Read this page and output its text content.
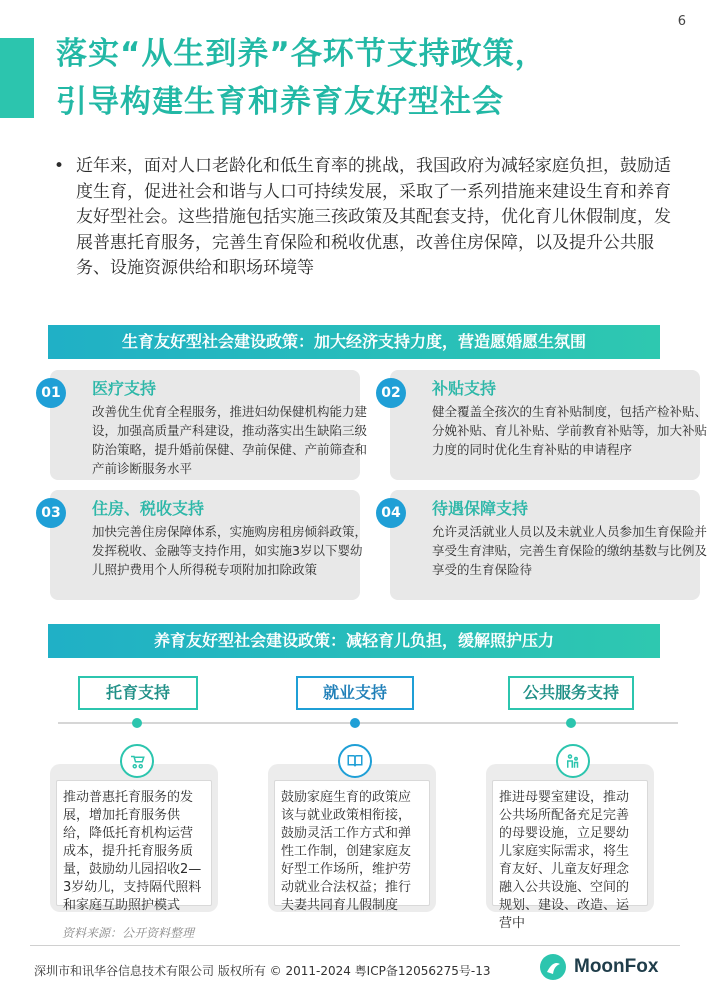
6
落实“从生到养”各环节支持政策，
引导构建生育和养育友好型社会
• 近年来，面对人口老龄化和低生育率的挑战，我国政府为减轻家庭负担，鼓励适度生育，促进社会和谐与人口可持续发展，采取了一系列措施来建设生育和养育友好型社会。这些措施包括实施三孩政策及其配套支持，优化育儿休假制度，发展普惠托育服务，完善生育保险和税收优惠，改善住房保障，以及提升公共服务、设施资源供给和职场环境等
生育友好型社会建设政策：加大经济支持力度，营造愿婚愿生氛围
01	医疗支持
改善优生优育全程服务，推进妇幼保健机构能力建设，加强高质量产科建设，推动落实出生缺陷三级防治策略，提升婚前保健、孕前保健、产前筛查和产前诊断服务水平
02	补贴支持
健全覆盖全孩次的生育补贴制度，包括产检补贴、分娩补贴、育儿补贴、学前教育补贴等，加大补贴力度的同时优化生育补贴的申请程序
03	住房、税收支持
加快完善住房保障体系，实施购房租房倾斜政策，发挥税收、金融等支持作用，如实施3岁以下婴幼儿照护费用个人所得税专项附加扣除政策
04	待遇保障支持
允许灵活就业人员以及未就业人员参加生育保险并享受生育津贴，完善生育保险的缴纳基数与比例及享受的生育保险待
养育友好型社会建设政策：减轻育儿负担，缓解照护压力
托育支持	就业支持	公共服务支持
推动普惠托育服务的发展，增加托育服务供给，降低托育机构运营成本，提升托育服务质量，鼓励幼儿园招收2—3岁幼儿，支持隔代照料和家庭互助照护模式
鼓励家庭生育的政策应该与就业政策相衔接，鼓励灵活工作方式和弹性工作制，创建家庭友好型工作场所，维护劳动就业合法权益；推行夫妻共同育儿假制度
推进母婴室建设，推动公共场所配备充足完善的母婴设施，立足婴幼儿家庭实际需求，将生育友好、儿童友好理念融入公共设施、空间的规划、建设、改造、运营中
资料来源：公开资料整理
深圳市和讯华谷信息技术有限公司 版权所有 © 2011-2024 粤ICP备12056275号-13	MoonFox
